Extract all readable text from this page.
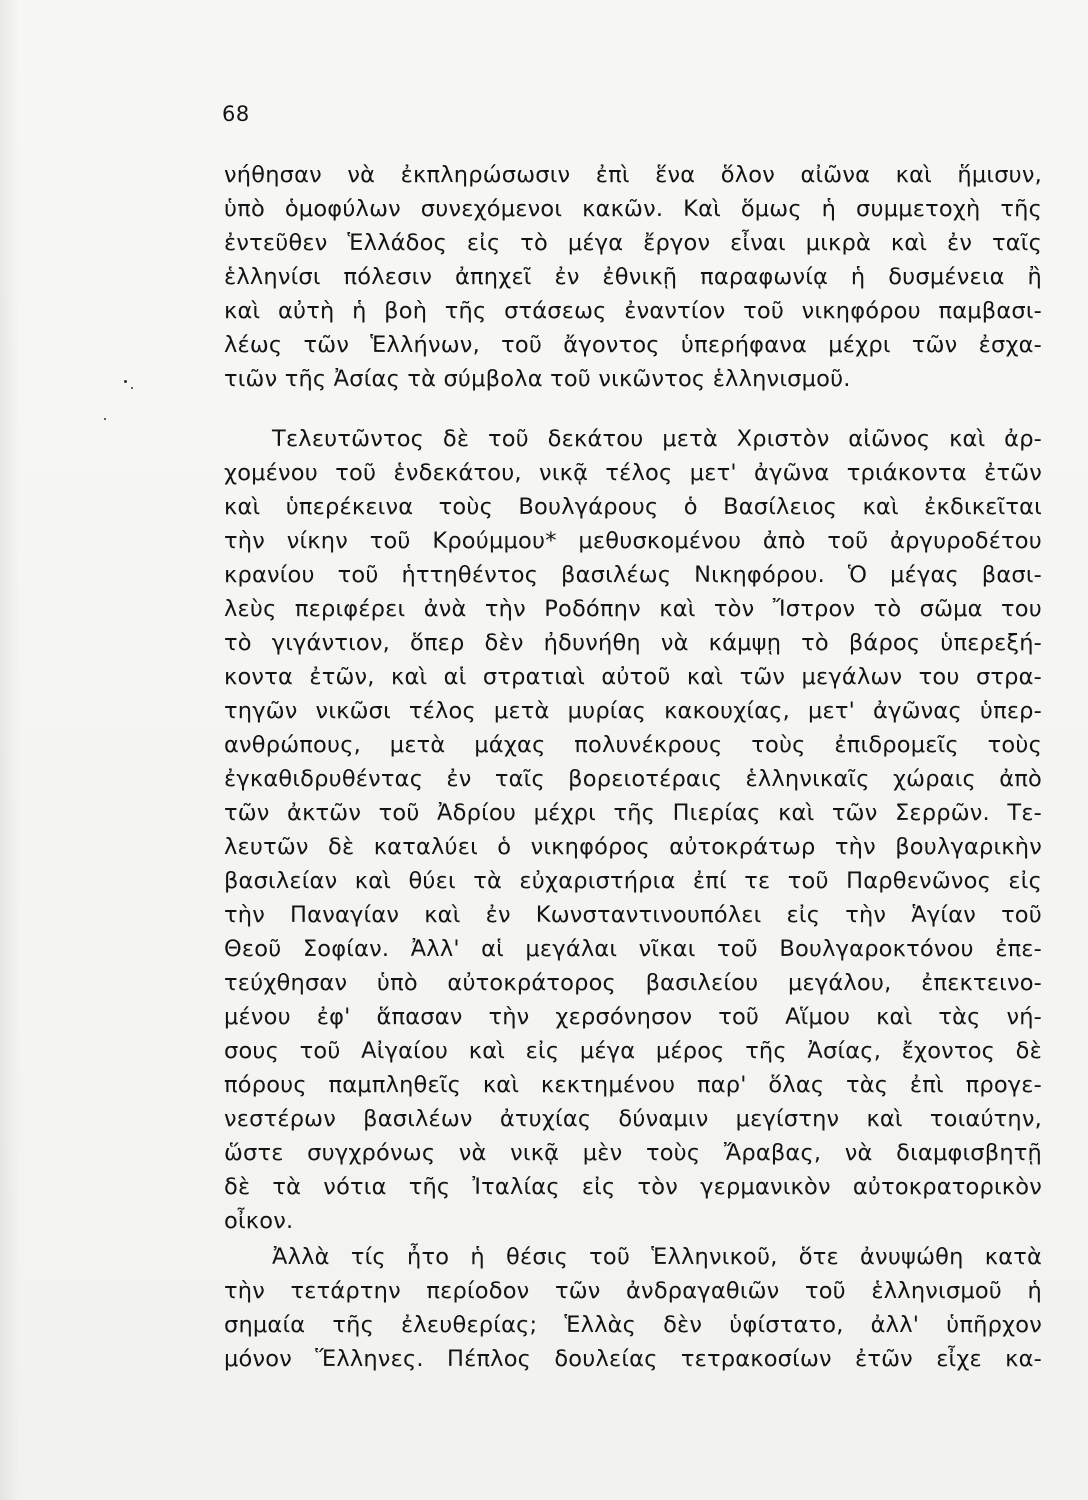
68
νήθησαν νὰ ἐκπληρώσωσιν ἐπὶ ἕνα ὅλον αἰῶνα καὶ ἥμισυν,
ὑπὸ ὁμοφύλων συνεχόμενοι κακῶν. Καὶ ὅμως ἡ συμμετοχὴ τῆς
ἐντεῦθεν Ἑλλάδος εἰς τὸ μέγα ἔργον εἶναι μικρὰ καὶ ἐν ταῖς
ἑλληνίσι πόλεσιν ἀπηχεῖ ἐν ἐθνικῇ παραφωνίᾳ ἡ δυσμένεια ἢ
καὶ αὐτὴ ἡ βοὴ τῆς στάσεως ἐναντίον τοῦ νικηφόρου παμβασι-
λέως τῶν Ἑλλήνων, τοῦ ἄγοντος ὑπερήφανα μέχρι τῶν ἐσχα-
τιῶν τῆς Ἀσίας τὰ σύμβολα τοῦ νικῶντος ἑλληνισμοῦ.
Τελευτῶντος δὲ τοῦ δεκάτου μετὰ Χριστὸν αἰῶνος καὶ ἀρ-
χομένου τοῦ ἑνδεκάτου, νικᾷ τέλος μετ' ἀγῶνα τριάκοντα ἐτῶν
καὶ ὑπερέκεινα τοὺς Βουλγάρους ὁ Βασίλειος καὶ ἐκδικεῖται
τὴν νίκην τοῦ Κρούμμου* μεθυσκομένου ἀπὸ τοῦ ἀργυροδέτου
κρανίου τοῦ ἡττηθέντος βασιλέως Νικηφόρου. Ὁ μέγας βασι-
λεὺς περιφέρει ἀνὰ τὴν Ροδόπην καὶ τὸν Ἴστρον τὸ σῶμα του
τὸ γιγάντιον, ὅπερ δὲν ἠδυνήθη νὰ κάμψῃ τὸ βάρος ὑπερεξή-
κοντα ἐτῶν, καὶ αἱ στρατιαὶ αὐτοῦ καὶ τῶν μεγάλων του στρα-
τηγῶν νικῶσι τέλος μετὰ μυρίας κακουχίας, μετ' ἀγῶνας ὑπερ-
ανθρώπους, μετὰ μάχας πολυνέκρους τοὺς ἐπιδρομεῖς τοὺς
ἐγκαθιδρυθέντας ἐν ταῖς βορειοτέραις ἑλληνικαῖς χώραις ἀπὸ
τῶν ἀκτῶν τοῦ Ἀδρίου μέχρι τῆς Πιερίας καὶ τῶν Σερρῶν. Τε-
λευτῶν δὲ καταλύει ὁ νικηφόρος αὐτοκράτωρ τὴν βουλγαρικὴν
βασιλείαν καὶ θύει τὰ εὐχαριστήρια ἐπί τε τοῦ Παρθενῶνος εἰς
τὴν Παναγίαν καὶ ἐν Κωνσταντινουπόλει εἰς τὴν Ἁγίαν τοῦ
Θεοῦ Σοφίαν. Ἀλλ' αἱ μεγάλαι νῖκαι τοῦ Βουλγαροκτόνου ἐπε-
τεύχθησαν ὑπὸ αὐτοκράτορος βασιλείου μεγάλου, ἐπεκτεινο-
μένου ἐφ' ἅπασαν τὴν χερσόνησον τοῦ Αἵμου καὶ τὰς νή-
σους τοῦ Αἰγαίου καὶ εἰς μέγα μέρος τῆς Ἀσίας, ἔχοντος δὲ
πόρους παμπληθεῖς καὶ κεκτημένου παρ' ὅλας τὰς ἐπὶ προγε-
νεστέρων βασιλέων ἀτυχίας δύναμιν μεγίστην καὶ τοιαύτην,
ὥστε συγχρόνως νὰ νικᾷ μὲν τοὺς Ἄραβας, νὰ διαμφισβητῇ
δὲ τὰ νότια τῆς Ἰταλίας εἰς τὸν γερμανικὸν αὐτοκρατορικὸν
οἶκον.
Ἀλλὰ τίς ἦτο ἡ θέσις τοῦ Ἑλληνικοῦ, ὅτε ἀνυψώθη κατὰ
τὴν τετάρτην περίοδον τῶν ἀνδραγαθιῶν τοῦ ἑλληνισμοῦ ἡ
σημαία τῆς ἐλευθερίας; Ἑλλὰς δὲν ὑφίστατο, ἀλλ' ὑπῆρχον
μόνον Ἕλληνες. Πέπλος δουλείας τετρακοσίων ἐτῶν εἶχε κα-
